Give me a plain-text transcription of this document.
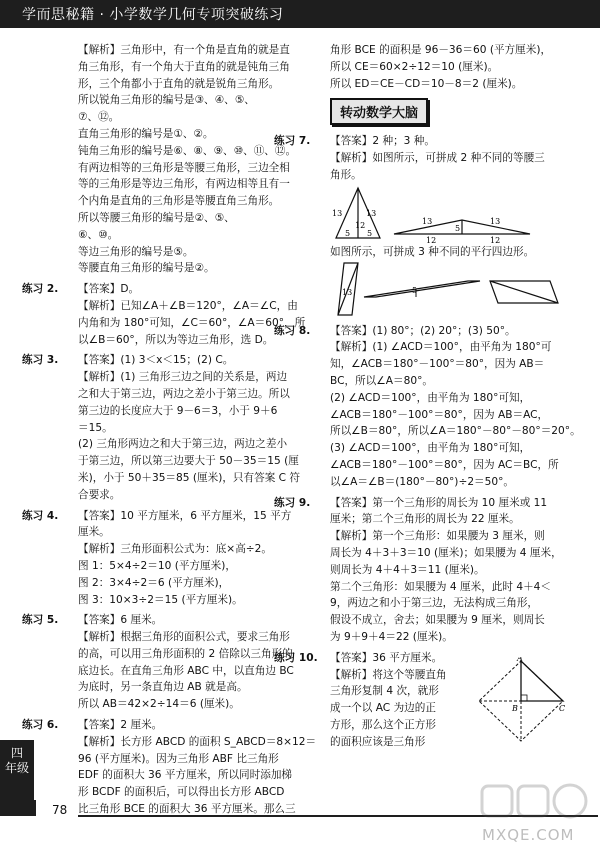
学而思秘籍 · 小学数学几何专项突破练习
【解析】三角形中，有一个角是直角的就是直
角三角形，有一个角大于直角的就是钝角三角
形，三个角都小于直角的就是锐角三角形。
所以锐角三角形的编号是③、④、⑤、
⑦、⑫。
直角三角形的编号是①、②。
钝角三角形的编号是⑥、⑧、⑨、⑩、⑪、⑫。
有两边相等的三角形是等腰三角形，三边全相
等的三角形是等边三角形，有两边相等且有一
个内角是直角的三角形是等腰直角三角形。
所以等腰三角形的编号是②、⑤、
⑥、⑩。
等边三角形的编号是⑤。
等腰直角三角形的编号是②。
练习 2. 【答案】D。
【解析】已知∠A＋∠B＝120°，∠A＝∠C，由
内角和为 180°可知，∠C＝60°，∠A＝60°，所
以∠B＝60°，所以为等边三角形，选 D。
练习 3. 【答案】(1) 3＜x＜15；(2) C。
【解析】(1) 三角形三边之间的关系是，两边
之和大于第三边，两边之差小于第三边。所以
第三边的长度应大于 9－6＝3，小于 9＋6
＝15。
(2) 三角形两边之和大于第三边，两边之差小
于第三边，所以第三边要大于 50－35＝15 (厘
米)，小于 50＋35＝85 (厘米)，只有答案 C 符
合要求。
练习 4. 【答案】10 平方厘米，6 平方厘米，15 平方
厘米。
【解析】三角形面积公式为：底×高÷2。
图 1：5×4÷2＝10 (平方厘米)，
图 2：3×4÷2＝6 (平方厘米)，
图 3：10×3÷2＝15 (平方厘米)。
练习 5. 【答案】6 厘米。
【解析】根据三角形的面积公式，要求三角形
的高，可以用三角形面积的 2 倍除以三角形的
底边长。在直角三角形 ABC 中，以直角边 BC
为底时，另一条直角边 AB 就是高。
所以 AB＝42×2÷14＝6 (厘米)。
练习 6. 【答案】2 厘米。
【解析】长方形 ABCD 的面积 S_ABCD＝8×12＝
96 (平方厘米)。因为三角形 ABF 比三角形
EDF 的面积大 36 平方厘米，所以同时添加梯
形 BCDF 的面积后，可以得出长方形 ABCD
比三角形 BCE 的面积大 36 平方厘米。那么三
角形 BCE 的面积是 96－36＝60 (平方厘米)，
所以 CE＝60×2÷12＝10 (厘米)。
所以 ED＝CE－CD＝10－8＝2 (厘米)。
转动数学大脑
练习 7. 【答案】2 种；3 种。
【解析】如图所示，可拼成 2 种不同的等腰三
角形。
13	13
5 5
12	13	13
12	12
5
如图所示，可拼成 3 种不同的平行四边形。
13	5
练习 8. 【答案】(1) 80°；(2) 20°；(3) 50°。
【解析】(1) ∠ACD＝100°，由平角为 180°可
知，∠ACB＝180°－100°＝80°，因为 AB＝
BC，所以∠A＝80°。
(2) ∠ACD＝100°，由平角为 180°可知，
∠ACB＝180°－100°＝80°，因为 AB＝AC，
所以∠B＝80°，所以∠A＝180°－80°－80°＝20°。
(3) ∠ACD＝100°，由平角为 180°可知，
∠ACB＝180°－100°＝80°，因为 AC＝BC，所
以∠A＝∠B＝(180°－80°)÷2＝50°。
练习 9. 【答案】第一个三角形的周长为 10 厘米或 11
厘米；第二个三角形的周长为 22 厘米。
【解析】第一个三角形：如果腰为 3 厘米，则
周长为 4＋3＋3＝10 (厘米)；如果腰为 4 厘米，
则周长为 4＋4＋3＝11 (厘米)。
第二个三角形：如果腰为 4 厘米，此时 4＋4＜
9，两边之和小于第三边，无法构成三角形，
假设不成立，舍去；如果腰为 9 厘米，则周长
为 9＋9＋4＝22 (厘米)。
练习 10. 【答案】36 平方厘米。
【解析】将这个等腰直角
三角形复制 4 次，就形
成一个以 AC 为边的正
方形，那么这个正方形
的面积应该是三角形
A
B	C
四
年级
78
MXQE.COM
